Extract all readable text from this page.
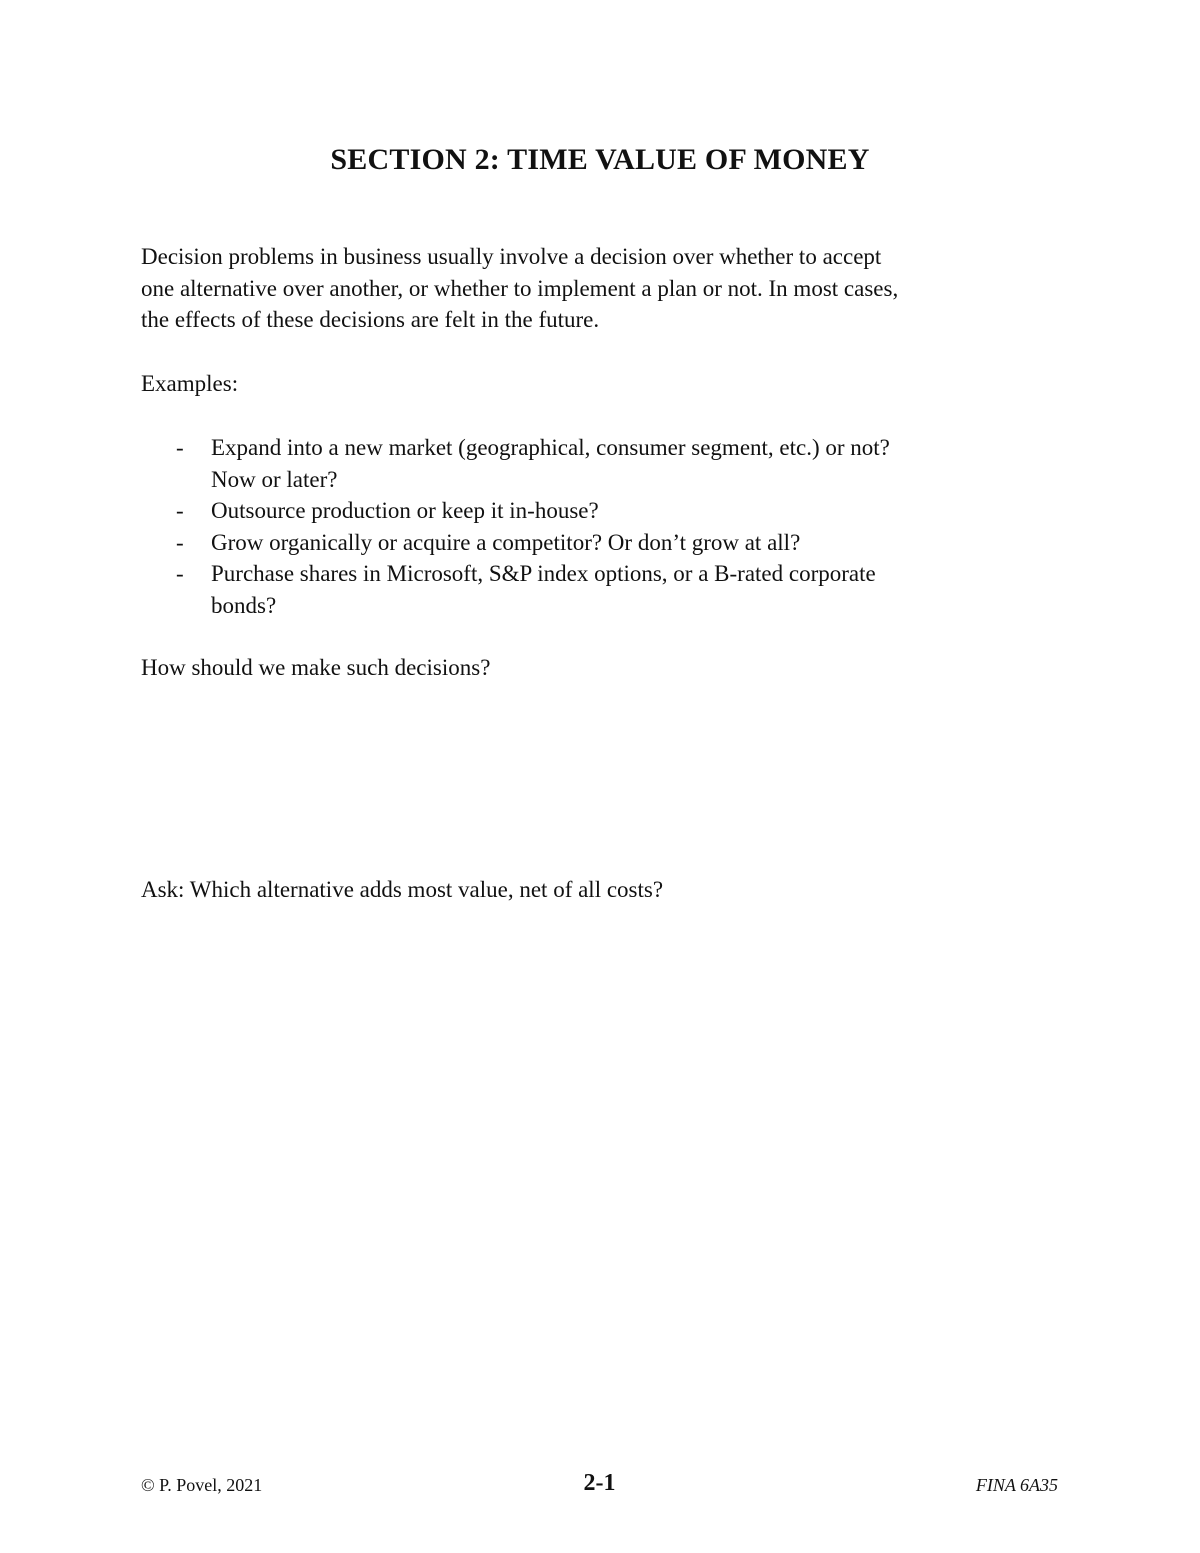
SECTION 2: TIME VALUE OF MONEY

Decision problems in business usually involve a decision over whether to accept
one alternative over another, or whether to implement a plan or not. In most cases,
the effects of these decisions are felt in the future.

Examples:

- Expand into a new market (geographical, consumer segment, etc.) or not?
Now or later?
- Outsource production or keep it in-house?
- Grow organically or acquire a competitor? Or don’t grow at all?
- Purchase shares in Microsoft, S&P index options, or a B-rated corporate
bonds?

How should we make such decisions?

Ask: Which alternative adds most value, net of all costs?

© P. Povel, 2021	2-1	FINA 6A35
